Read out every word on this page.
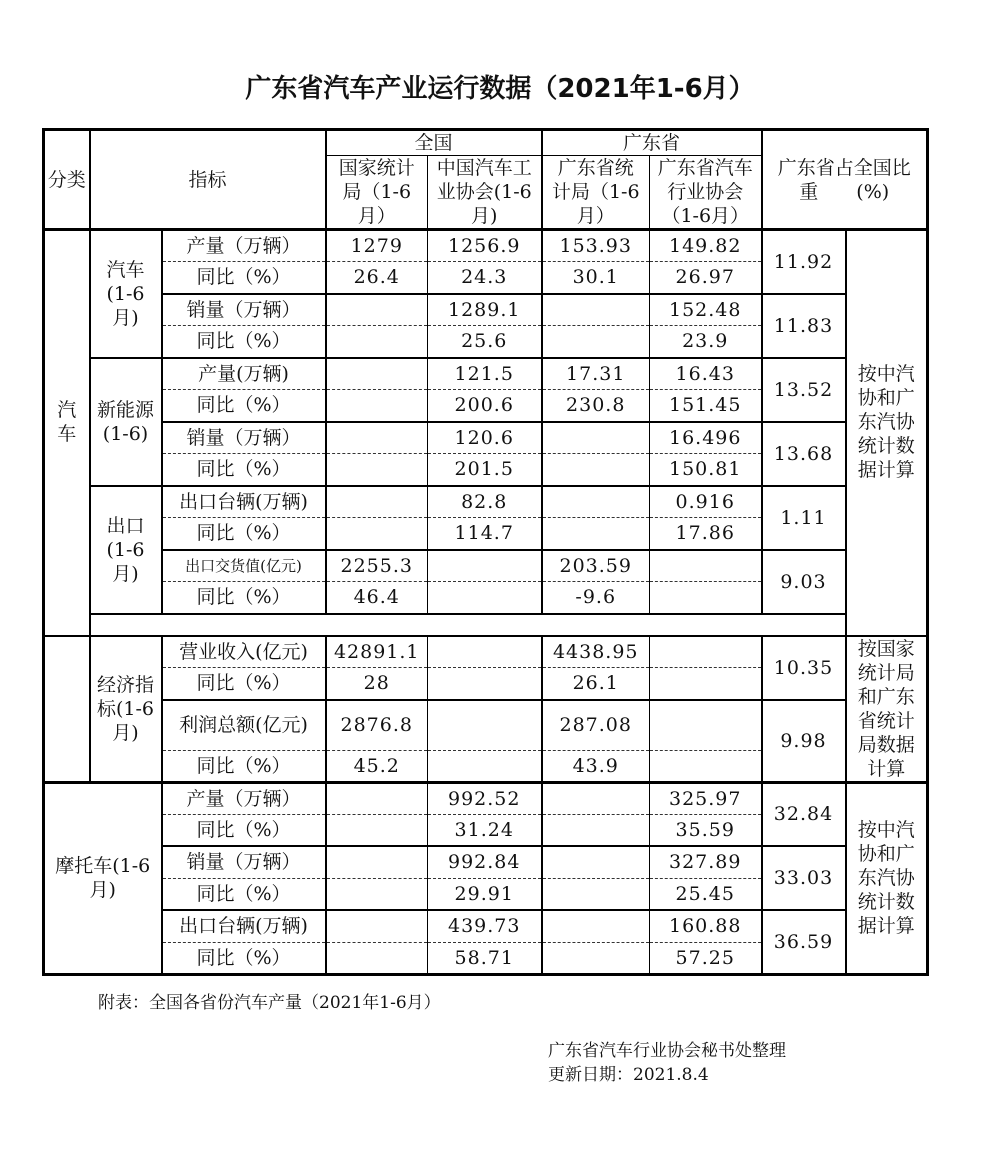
广东省汽车产业运行数据（2021年1-6月）
分类	指标		全国		广东省		广东省占全国比重　　(%)	
			国家统计局（1-6月）	中国汽车工业协会(1-6月)	广东省统计局（1-6月）	广东省汽车行业协会（1-6月）		
汽车	汽车(1-6月)	产量（万辆）	1279	1256.9	153.93	149.82	11.92	按中汽协和广东汽协统计数据计算
		同比（%）	26.4	24.3	30.1	26.97		
		销量（万辆）		1289.1		152.48	11.83	
		同比（%）		25.6		23.9		
	新能源(1-6)	产量(万辆)		121.5	17.31	16.43	13.52	
		同比（%）		200.6	230.8	151.45		
		销量（万辆）		120.6		16.496	13.68	
		同比（%）		201.5		150.81		
	出口(1-6月)	出口台辆(万辆)		82.8		0.916	1.11	
		同比（%）		114.7		17.86		
		出口交货值(亿元)	2255.3		203.59		9.03	
		同比（%）	46.4		-9.6			

	经济指标(1-6月)	营业收入(亿元)	42891.1		4438.95		10.35	按国家统计局和广东省统计局数据计算
		同比（%）	28		26.1			
		利润总额(亿元)	2876.8		287.08		9.98	
		同比（%）	45.2		43.9			
摩托车(1-6月)		产量（万辆）		992.52		325.97	32.84	按中汽协和广东汽协统计数据计算
		同比（%）		31.24		35.59		
		销量（万辆）		992.84		327.89	33.03	
		同比（%）		29.91		25.45		
		出口台辆(万辆)		439.73		160.88	36.59	
		同比（%）		58.71		57.25		
附表：全国各省份汽车产量（2021年1-6月）
广东省汽车行业协会秘书处整理
更新日期：2021.8.4
